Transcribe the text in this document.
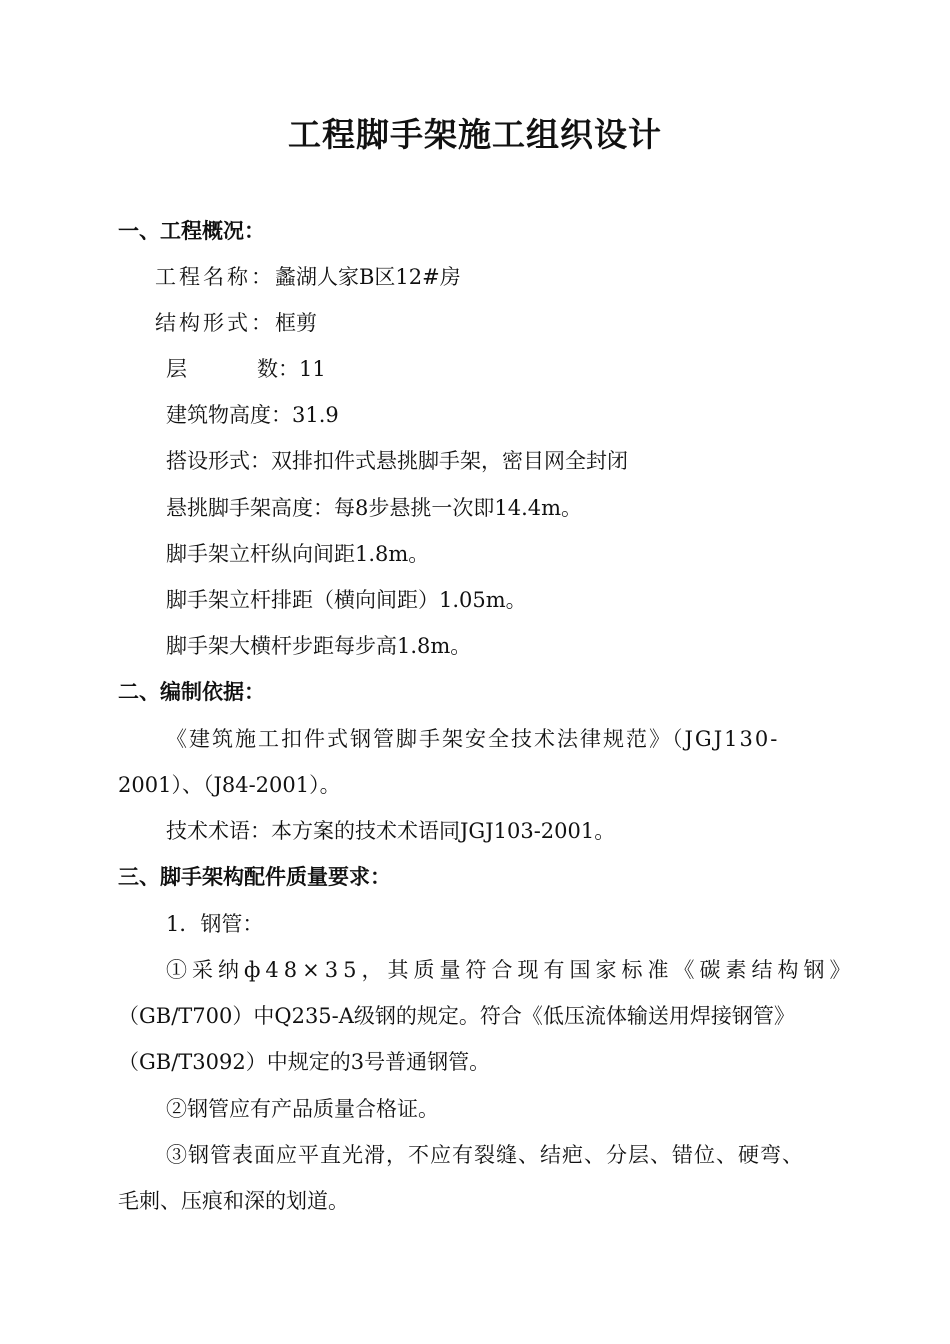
工程脚手架施工组织设计
一、工程概况：
工程名称：蠡湖人家B区12#房
结构形式：框剪
层	数：11
建筑物高度：31.9
搭设形式：双排扣件式悬挑脚手架，密目网全封闭
悬挑脚手架高度：每8步悬挑一次即14.4m。
脚手架立杆纵向间距1.8m。
脚手架立杆排距（横向间距）1.05m。
脚手架大横杆步距每步高1.8m。
二、编制依据：
《建筑施工扣件式钢管脚手架安全技术法律规范》（JGJ130-
2001）、（J84-2001）。
技术术语：本方案的技术术语同JGJ103-2001。
三、脚手架构配件质量要求：
1．钢管：
①采纳ф48×35，其质量符合现有国家标准《碳素结构钢》
（GB/T700）中Q235-A级钢的规定。符合《低压流体输送用焊接钢管》
（GB/T3092）中规定的3号普通钢管。
②钢管应有产品质量合格证。
③钢管表面应平直光滑，不应有裂缝、结疤、分层、错位、硬弯、
毛刺、压痕和深的划道。
